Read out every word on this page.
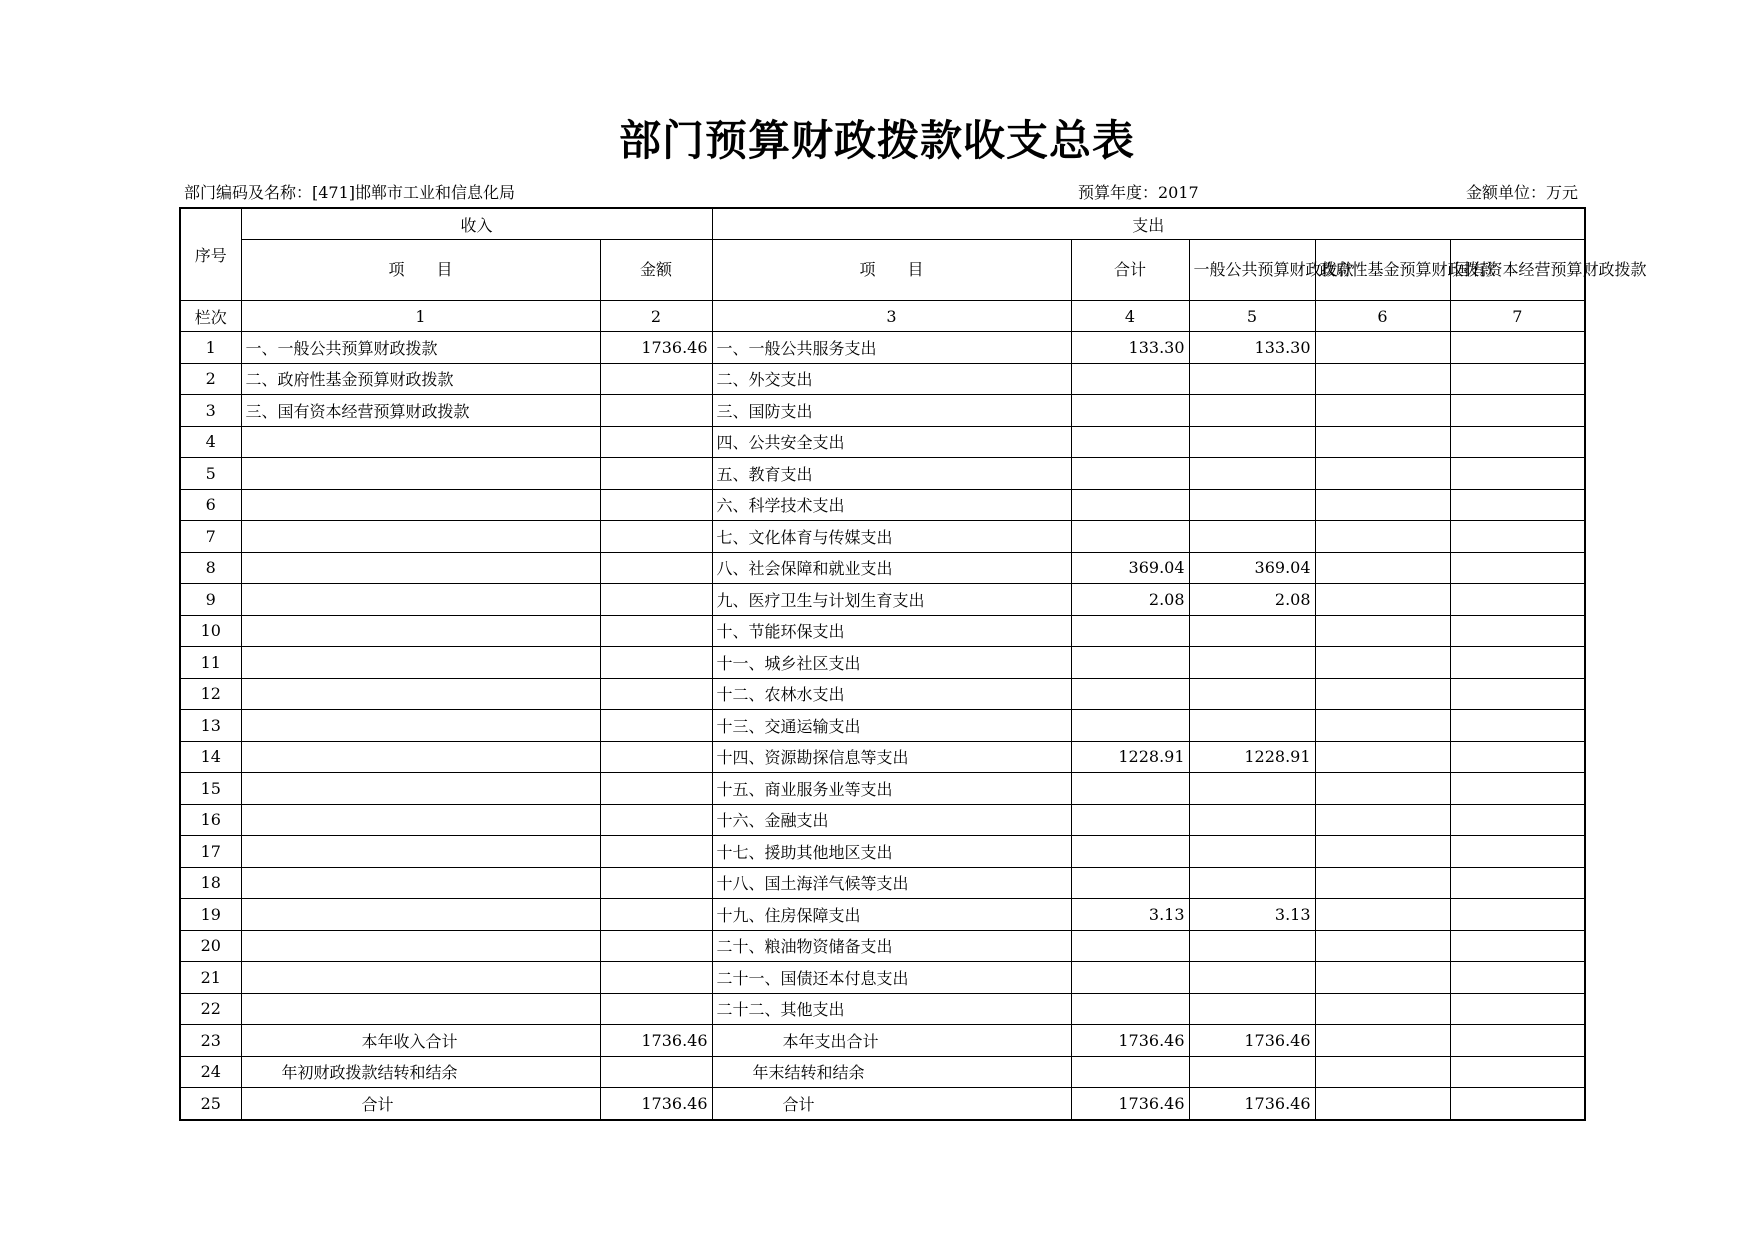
部门预算财政拨款收支总表
部门编码及名称：[471]邯郸市工业和信息化局	预算年度：2017	金额单位：万元
序号	收入		支出				
	项　　目	金额	项　　目	合计	一般公共预算财政拨款	政府性基金预算财政拨款	国有资本经营预算财政拨款
栏次	1	2	3	4	5	6	7
1	一、一般公共预算财政拨款	1736.46	一、一般公共服务支出	133.30	133.30		
2	二、政府性基金预算财政拨款		二、外交支出				
3	三、国有资本经营预算财政拨款		三、国防支出				
4			四、公共安全支出				
5			五、教育支出				
6			六、科学技术支出				
7			七、文化体育与传媒支出				
8			八、社会保障和就业支出	369.04	369.04		
9			九、医疗卫生与计划生育支出	2.08	2.08		
10			十、节能环保支出				
11			十一、城乡社区支出				
12			十二、农林水支出				
13			十三、交通运输支出				
14			十四、资源勘探信息等支出	1228.91	1228.91		
15			十五、商业服务业等支出				
16			十六、金融支出				
17			十七、援助其他地区支出				
18			十八、国土海洋气候等支出				
19			十九、住房保障支出	3.13	3.13		
20			二十、粮油物资储备支出				
21			二十一、国债还本付息支出				
22			二十二、其他支出				
23	本年收入合计	1736.46	本年支出合计	1736.46	1736.46		
24	年初财政拨款结转和结余		年末结转和结余				
25	合计	1736.46	合计	1736.46	1736.46		
